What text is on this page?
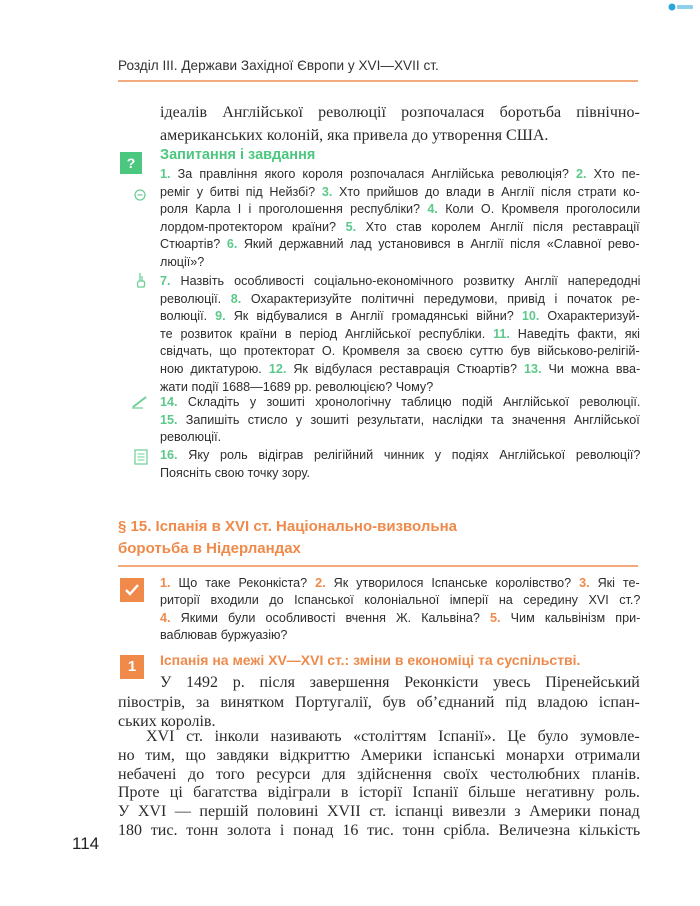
Розділ ІІІ. Держави Західної Європи у XVI—XVII ст.
ідеалів Англійської революції розпочалася боротьба північно-
американських колоній, яка привела до утворення США.
?	Запитання і завдання
1. За правління якого короля розпочалася Англійська революція? 2. Хто пе-
реміг у битві під Нейзбі? 3. Хто прийшов до влади в Англії після страти ко-
роля Карла І і проголошення республіки? 4. Коли О. Кромвеля проголосили
лордом-протектором країни? 5. Хто став королем Англії після реставрації
Стюартів? 6. Який державний лад установився в Англії після «Славної рево-
люції»?
7. Назвіть особливості соціально-економічного розвитку Англії напередодні
революції. 8. Охарактеризуйте політичні передумови, привід і початок ре-
волюції. 9. Як відбувалися в Англії громадянські війни? 10. Охарактеризуй-
те розвиток країни в період Англійської республіки. 11. Наведіть факти, які
свідчать, що протекторат О. Кромвеля за своєю суттю був військово-релігій-
ною диктатурою. 12. Як відбулася реставрація Стюартів? 13. Чи можна вва-
жати події 1688—1689 рр. революцією? Чому?
14. Складіть у зошиті хронологічну таблицю подій Англійської революції.
15. Запишіть стисло у зошиті результати, наслідки та значення Англійської
революції.
16. Яку роль відіграв релігійний чинник у подіях Англійської революції?
Поясніть свою точку зору.
§ 15. Іспанія в XVI ст. Національно-визвольна
боротьба в Нідерландах
1. Що таке Реконкіста? 2. Як утворилося Іспанське королівство? 3. Які те-
риторії входили до Іспанської колоніальної імперії на середину XVI ст.?
4. Якими були особливості вчення Ж. Кальвіна? 5. Чим кальвінізм при-
ваблював буржуазію?
1	Іспанія на межі XV—XVI ст.: зміни в економіці та суспільстві.
У 1492 р. після завершення Реконкісти увесь Піренейський
півострів, за винятком Португалії, був об’єднаний під владою іспан-
ських королів.
XVI ст. інколи називають «століттям Іспанії». Це було зумовле-
но тим, що завдяки відкриттю Америки іспанські монархи отримали
небачені до того ресурси для здійснення своїх честолюбних планів.
Проте ці багатства відіграли в історії Іспанії більше негативну роль.
У XVI — першій половині XVII ст. іспанці вивезли з Америки понад
180 тис. тонн золота і понад 16 тис. тонн срібла. Величезна кількість
114
